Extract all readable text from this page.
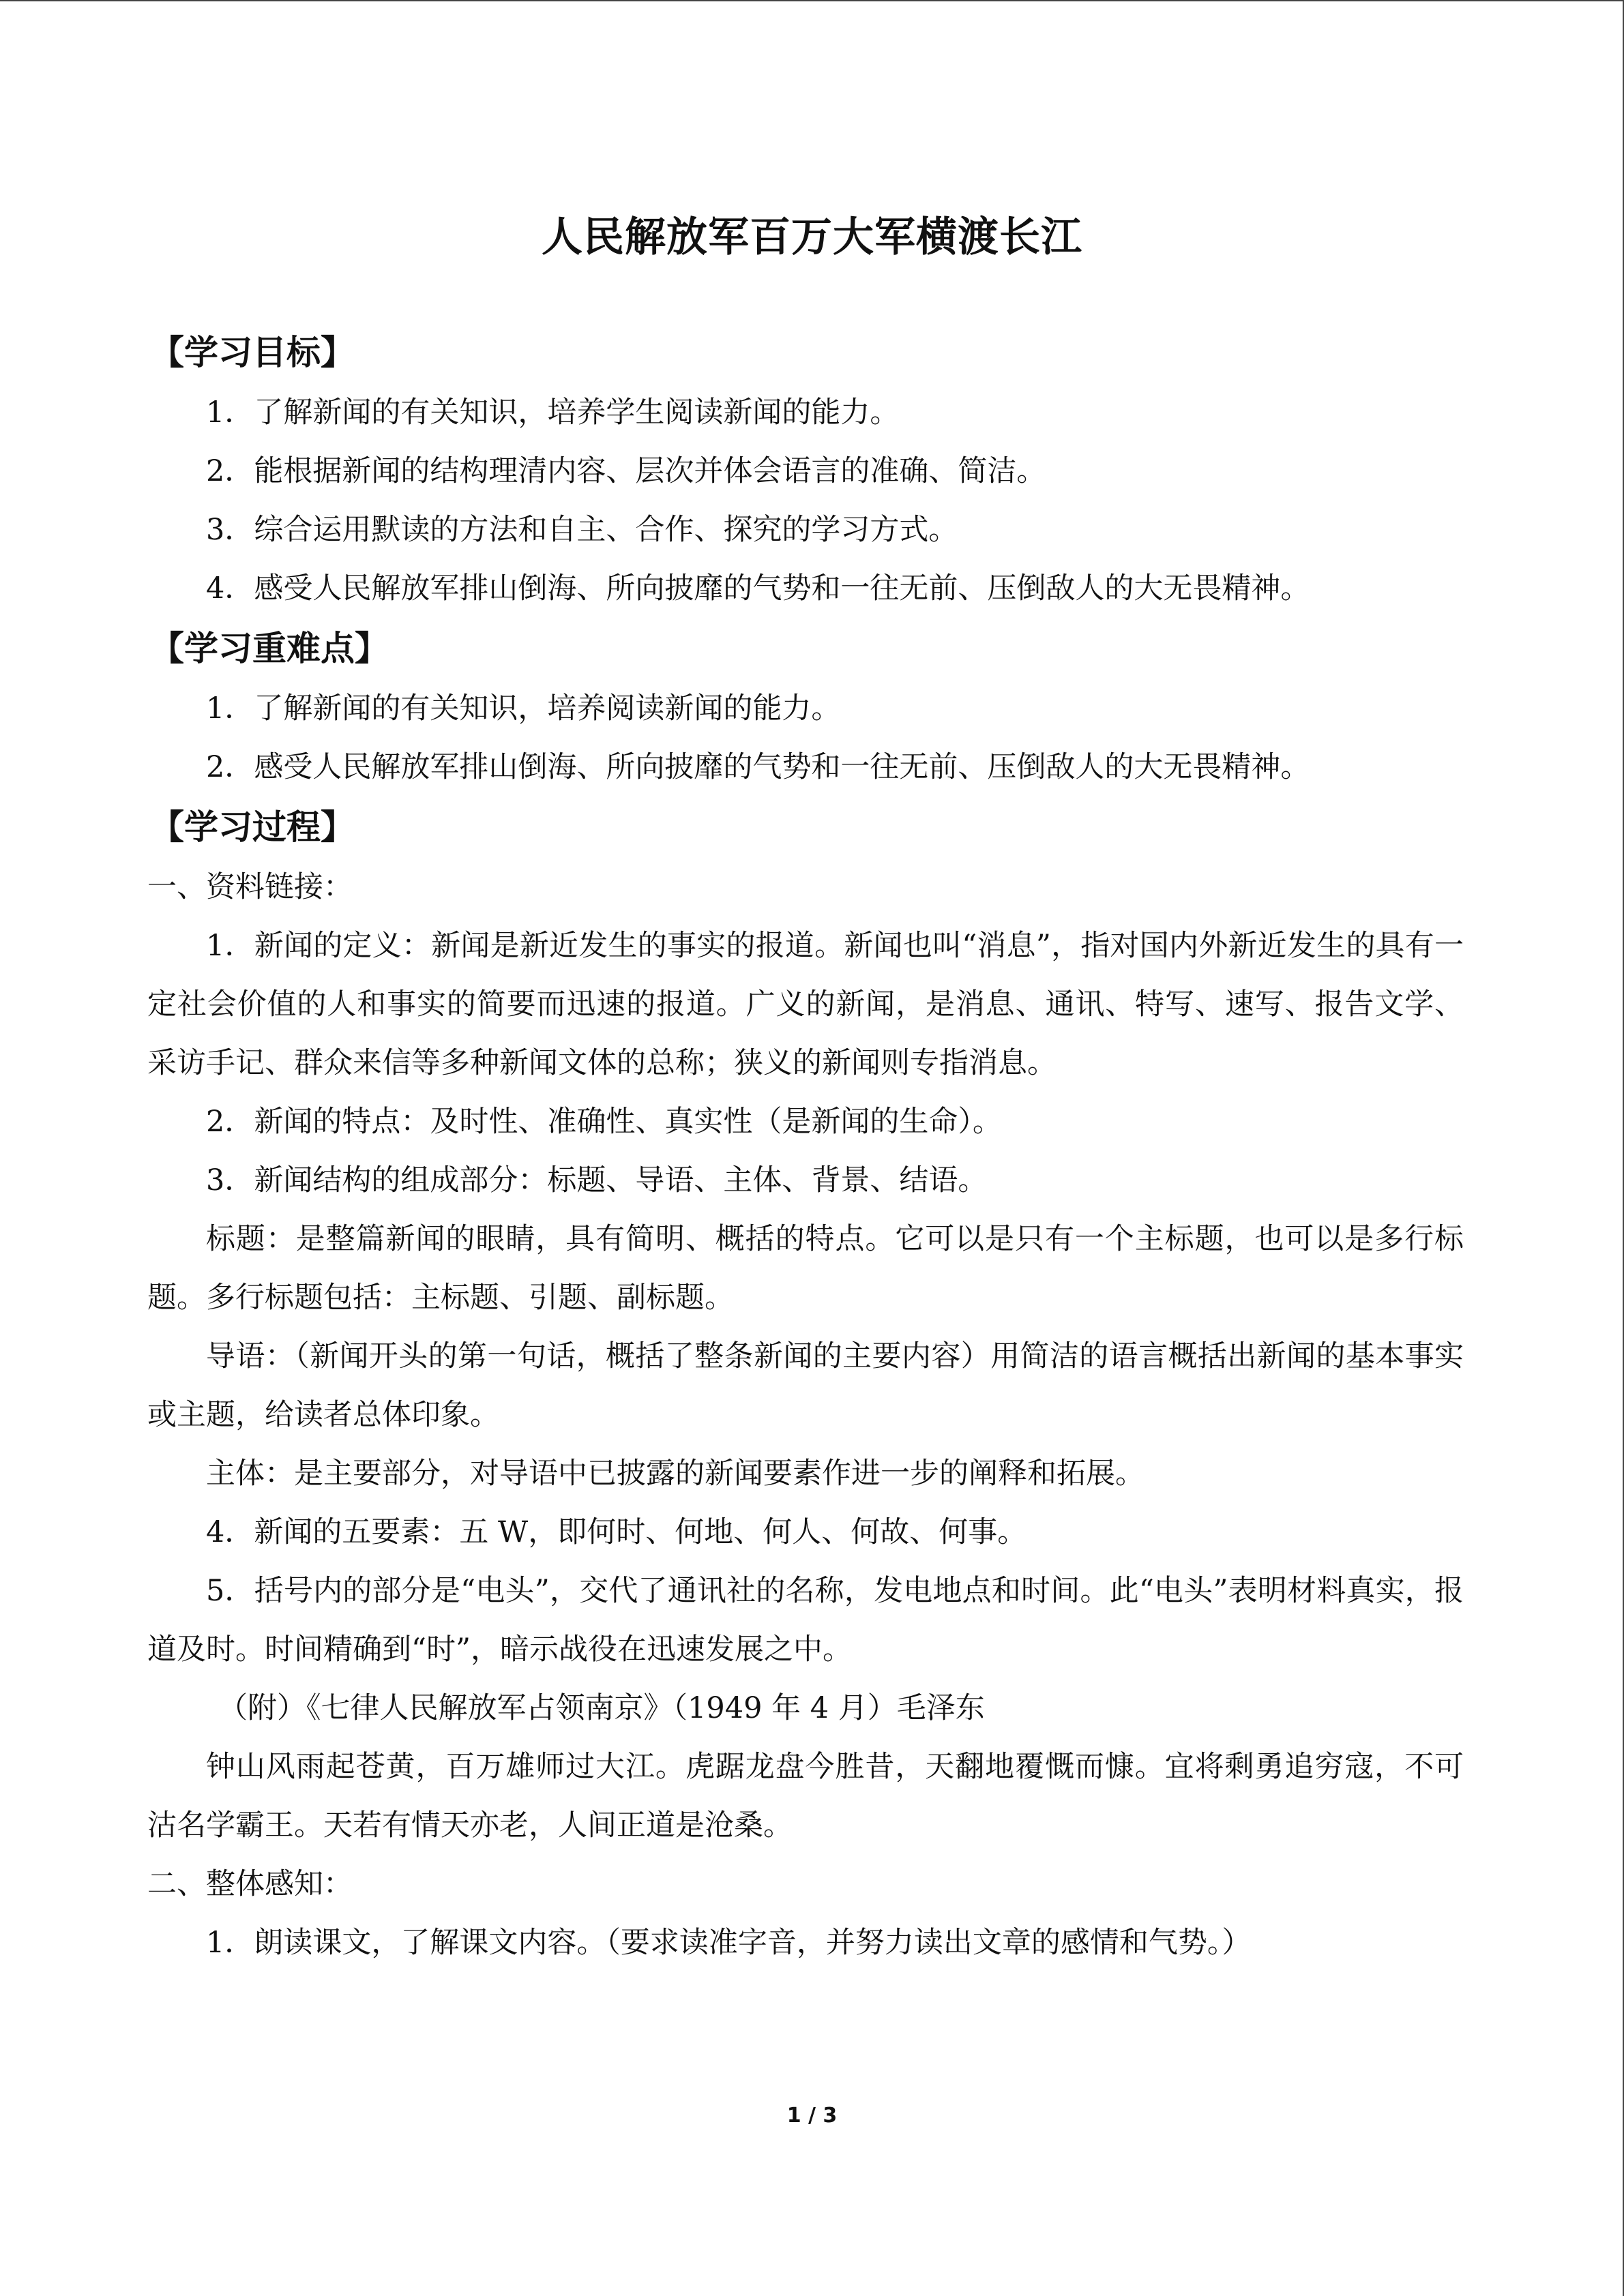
人民解放军百万大军横渡长江
【学习目标】
1．了解新闻的有关知识，培养学生阅读新闻的能力。
2．能根据新闻的结构理清内容、层次并体会语言的准确、简洁。
3．综合运用默读的方法和自主、合作、探究的学习方式。
4．感受人民解放军排山倒海、所向披靡的气势和一往无前、压倒敌人的大无畏精神。
【学习重难点】
1．了解新闻的有关知识，培养阅读新闻的能力。
2．感受人民解放军排山倒海、所向披靡的气势和一往无前、压倒敌人的大无畏精神。
【学习过程】
一、资料链接：
1．新闻的定义：新闻是新近发生的事实的报道。新闻也叫“消息”，指对国内外新近发生的具有一定社会价值的人和事实的简要而迅速的报道。广义的新闻，是消息、通讯、特写、速写、报告文学、采访手记、群众来信等多种新闻文体的总称；狭义的新闻则专指消息。
2．新闻的特点：及时性、准确性、真实性（是新闻的生命）。
3．新闻结构的组成部分：标题、导语、主体、背景、结语。
标题：是整篇新闻的眼睛，具有简明、概括的特点。它可以是只有一个主标题，也可以是多行标题。多行标题包括：主标题、引题、副标题。
导语：（新闻开头的第一句话，概括了整条新闻的主要内容）用简洁的语言概括出新闻的基本事实或主题，给读者总体印象。
主体：是主要部分，对导语中已披露的新闻要素作进一步的阐释和拓展。
4．新闻的五要素：五 W，即何时、何地、何人、何故、何事。
5．括号内的部分是“电头”，交代了通讯社的名称，发电地点和时间。此“电头”表明材料真实，报道及时。时间精确到“时”，暗示战役在迅速发展之中。
（附）《七律人民解放军占领南京》（1949 年 4 月）毛泽东
钟山风雨起苍黄，百万雄师过大江。虎踞龙盘今胜昔，天翻地覆慨而慷。宜将剩勇追穷寇，不可沽名学霸王。天若有情天亦老，人间正道是沧桑。
二、整体感知：
1．朗读课文，了解课文内容。（要求读准字音，并努力读出文章的感情和气势。）
1 / 3
